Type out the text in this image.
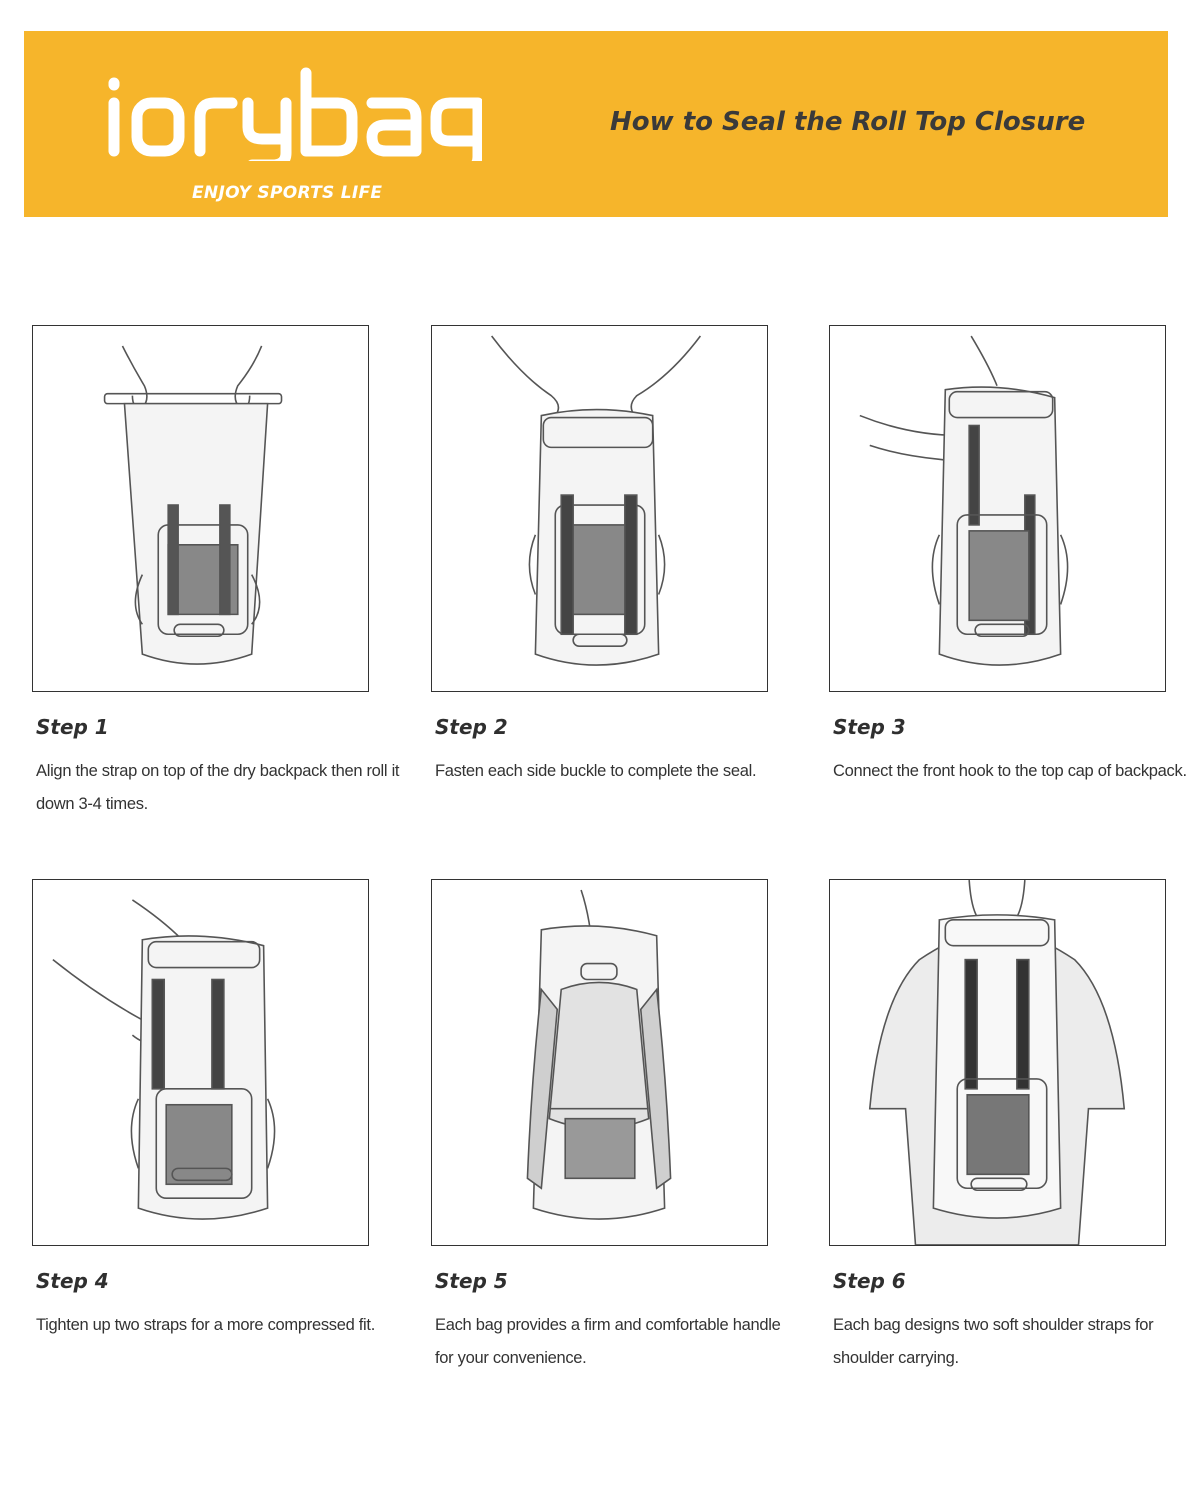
ENJOY SPORTS LIFE
How to Seal the Roll Top Closure
Step 1
Align the strap on top of the dry backpack then roll it down 3-4 times.
Step 2
Fasten each side buckle to complete the seal.
Step 3
Connect the front hook to the top cap of backpack.
Step 4
Tighten up two straps for a more compressed fit.
Step 5
Each bag provides a firm and comfortable handle for your convenience.
Step 6
Each bag designs two soft shoulder straps for shoulder carrying.
